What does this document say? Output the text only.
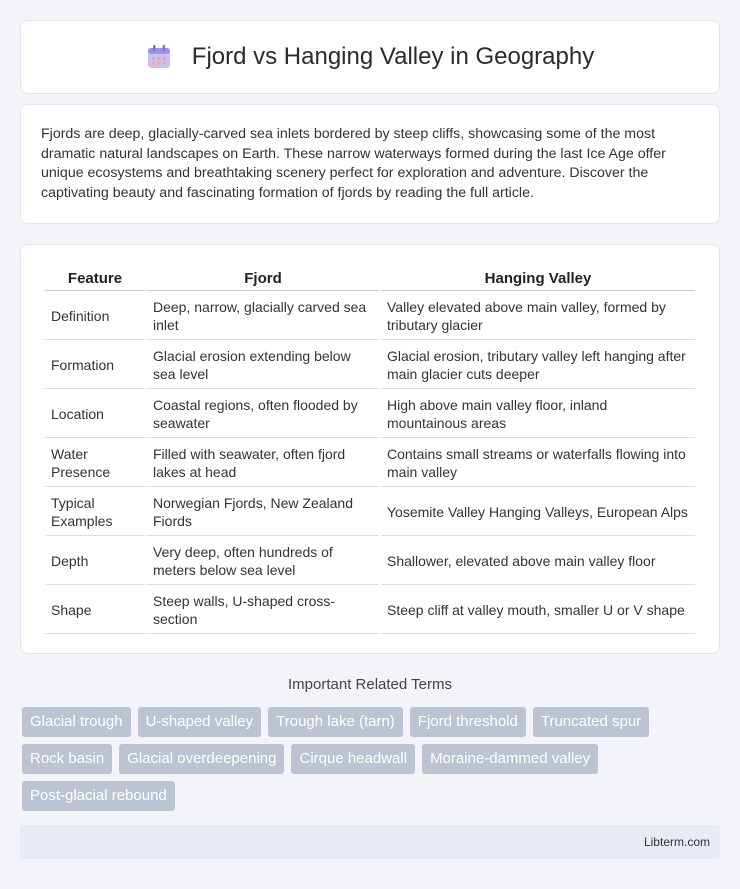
Fjord vs Hanging Valley in Geography

Fjords are deep, glacially-carved sea inlets bordered by steep cliffs, showcasing some of the most dramatic natural landscapes on Earth. These narrow waterways formed during the last Ice Age offer unique ecosystems and breathtaking scenery perfect for exploration and adventure. Discover the captivating beauty and fascinating formation of fjords by reading the full article.

Feature	Fjord	Hanging Valley
Definition	Deep, narrow, glacially carved sea inlet	Valley elevated above main valley, formed by tributary glacier
Formation	Glacial erosion extending below sea level	Glacial erosion, tributary valley left hanging after main glacier cuts deeper
Location	Coastal regions, often flooded by seawater	High above main valley floor, inland mountainous areas
Water Presence	Filled with seawater, often fjord lakes at head	Contains small streams or waterfalls flowing into main valley
Typical Examples	Norwegian Fjords, New Zealand Fiords	Yosemite Valley Hanging Valleys, European Alps
Depth	Very deep, often hundreds of meters below sea level	Shallower, elevated above main valley floor
Shape	Steep walls, U-shaped cross-section	Steep cliff at valley mouth, smaller U or V shape
Important Related Terms
Glacial trough	U-shaped valley	Trough lake (tarn)	Fjord threshold	Truncated spur
Rock basin	Glacial overdeepening	Cirque headwall	Moraine-dammed valley
Post-glacial rebound
Libterm.com
